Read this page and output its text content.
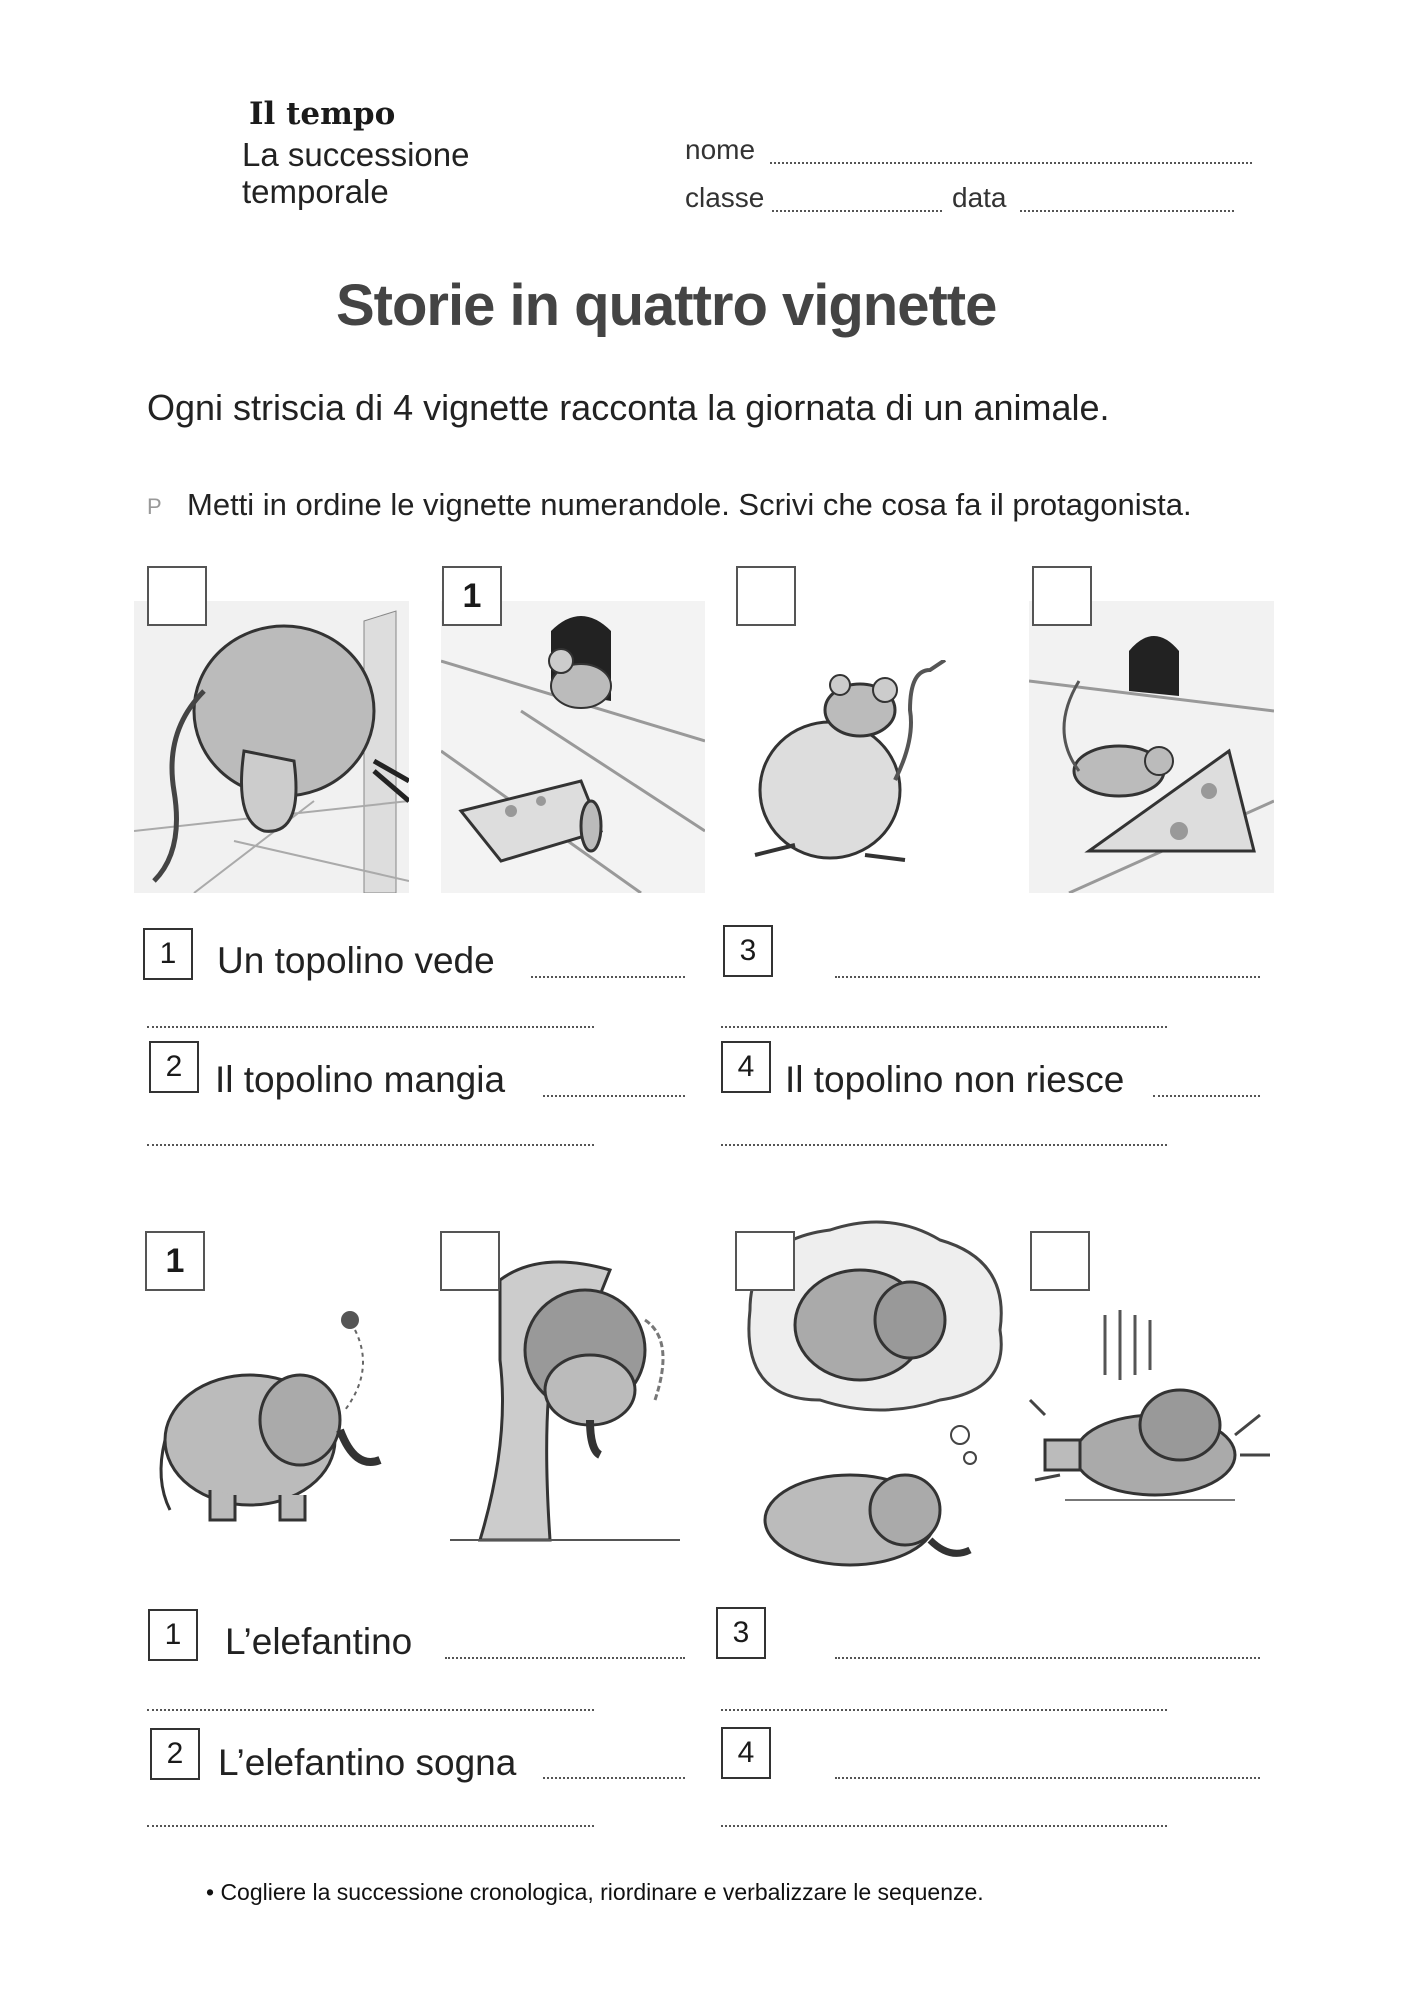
Il tempo
La successione
temporale
nome
classe	data
Storie in quattro vignette
Ogni striscia di 4 vignette racconta la giornata di un animale.
P Metti in ordine le vignette numerandole. Scrivi che cosa fa il protagonista.
1
1	Un topolino vede	3
2 Il topolino mangia	4 Il topolino non riesce
1
1	L’elefantino	3
2 L’elefantino sogna	4
• Cogliere la successione cronologica, riordinare e verbalizzare le sequenze.
